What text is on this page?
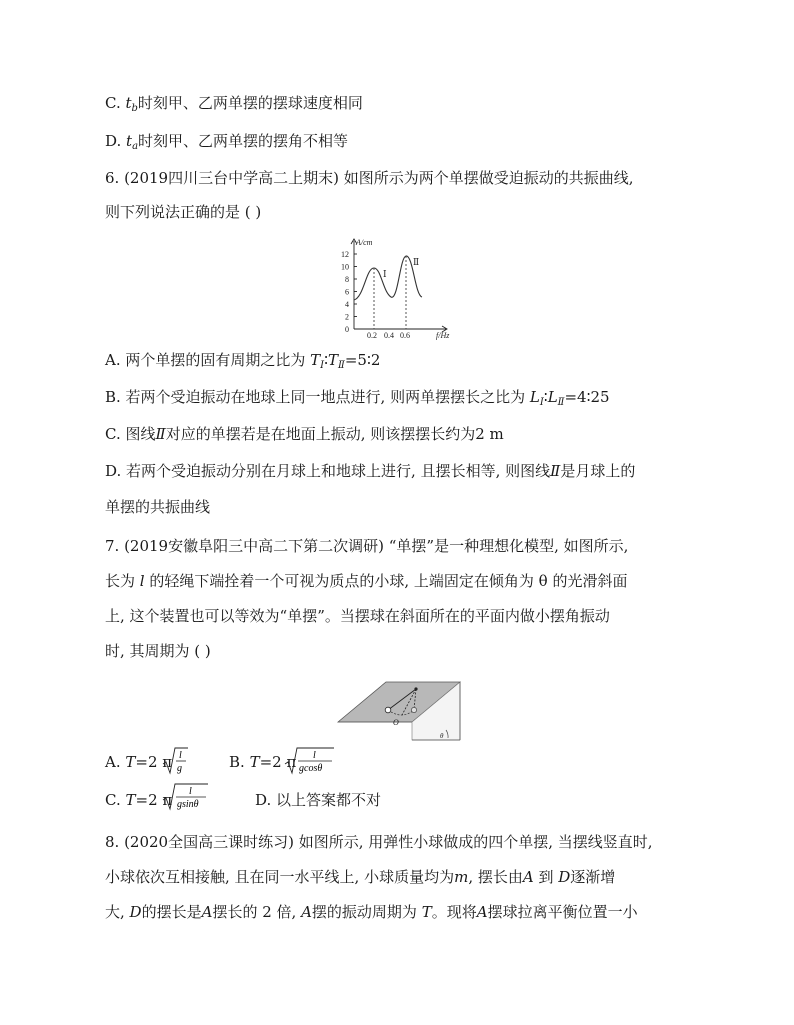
C. $t_b$时刻甲、乙两单摆的摆球速度相同
D. $t_a$时刻甲、乙两单摆的摆角不相等
6. (2019四川三台中学高二上期末) 如图所示为两个单摆做受迫振动的共振曲线,
则下列说法正确的是 ( )
A/cm
12
10
8
6
4
2
0
0.2 0.4 0.6	f/Hz
Ⅰ
Ⅱ
A. 两个单摆的固有周期之比为 $T_Ⅰ∶T_Ⅱ=5∶2$
B. 若两个受迫振动在地球上同一地点进行, 则两单摆摆长之比为 $L_Ⅰ∶L_Ⅱ=4∶25$
C. 图线Ⅱ对应的单摆若是在地面上振动, 则该摆摆长约为2 m
D. 若两个受迫振动分别在月球上和地球上进行, 且摆长相等, 则图线Ⅱ是月球上的
单摆的共振曲线
7. (2019安徽阜阳三中高二下第二次调研) “单摆”是一种理想化模型, 如图所示,
长为 l 的轻绳下端拴着一个可视为质点的小球, 上端固定在倾角为 θ 的光滑斜面
上, 这个装置也可以等效为“单摆”。当摆球在斜面所在的平面内做小摆角振动
时, 其周期为 ( )
O
θ
A. T=2 π l
g	B. T=2 π l
gcosθ
C. T=2 π l
gsinθ	D. 以上答案都不对
8. (2020全国高三课时练习) 如图所示, 用弹性小球做成的四个单摆, 当摆线竖直时,
小球依次互相接触, 且在同一水平线上, 小球质量均为m, 摆长由A 到 D逐渐增
大, D的摆长是A摆长的 2 倍, A摆的振动周期为 T。现将A摆球拉离平衡位置一小
